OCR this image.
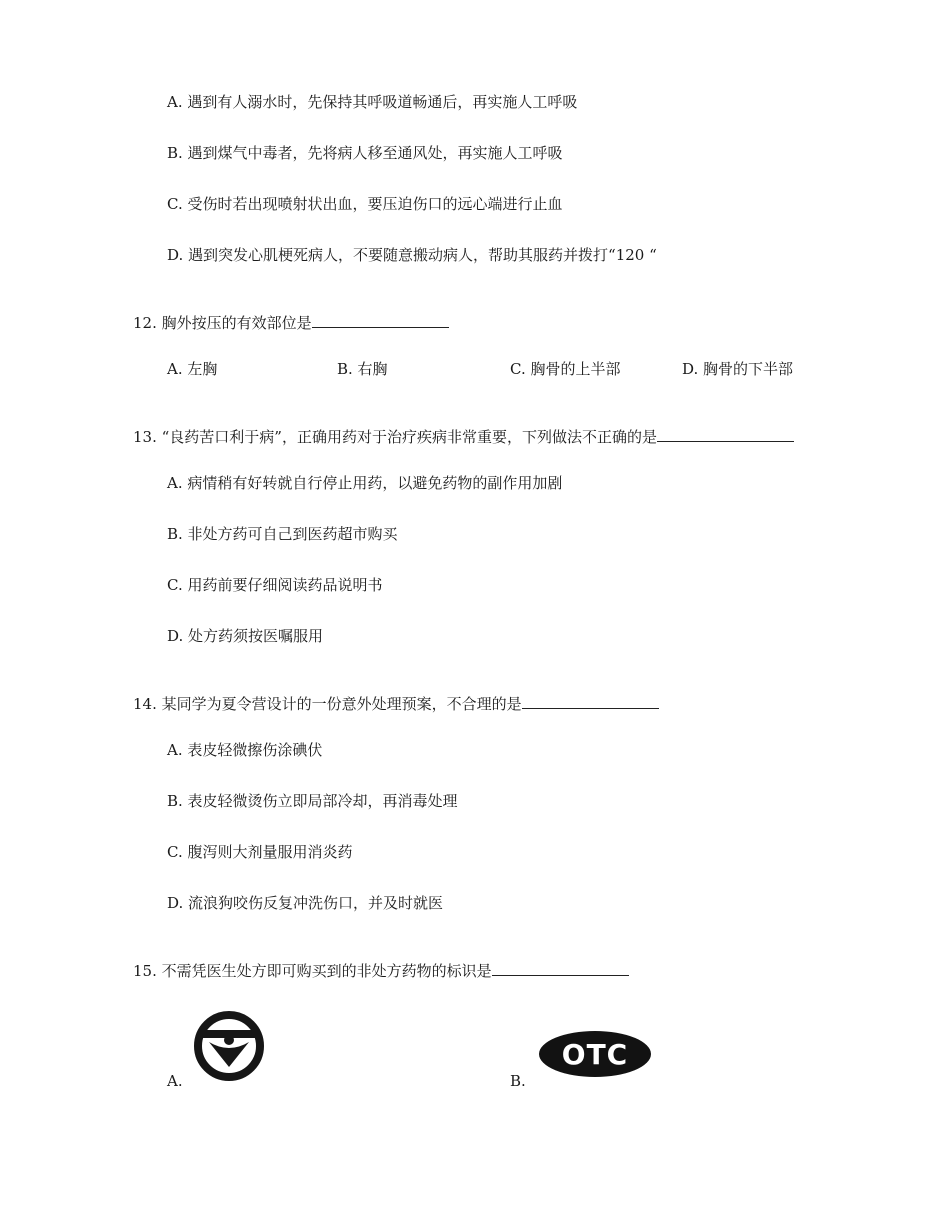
A. 遇到有人溺水时，先保持其呼吸道畅通后，再实施人工呼吸
B. 遇到煤气中毒者，先将病人移至通风处，再实施人工呼吸
C. 受伤时若出现喷射状出血，要压迫伤口的远心端进行止血
D. 遇到突发心肌梗死病人，不要随意搬动病人，帮助其服药并拨打“120 “
12. 胸外按压的有效部位是
A. 左胸	B. 右胸	C. 胸骨的上半部	D. 胸骨的下半部
13. “良药苦口利于病”，正确用药对于治疗疾病非常重要，下列做法不正确的是
A. 病情稍有好转就自行停止用药，以避免药物的副作用加剧
B. 非处方药可自己到医药超市购买
C. 用药前要仔细阅读药品说明书
D. 处方药须按医嘱服用
14. 某同学为夏令营设计的一份意外处理预案，不合理的是
A. 表皮轻微擦伤涂碘伏
B. 表皮轻微烫伤立即局部冷却，再消毒处理
C. 腹泻则大剂量服用消炎药
D. 流浪狗咬伤反复冲洗伤口，并及时就医
15. 不需凭医生处方即可购买到的非处方药物的标识是
A.	B.
OTC
